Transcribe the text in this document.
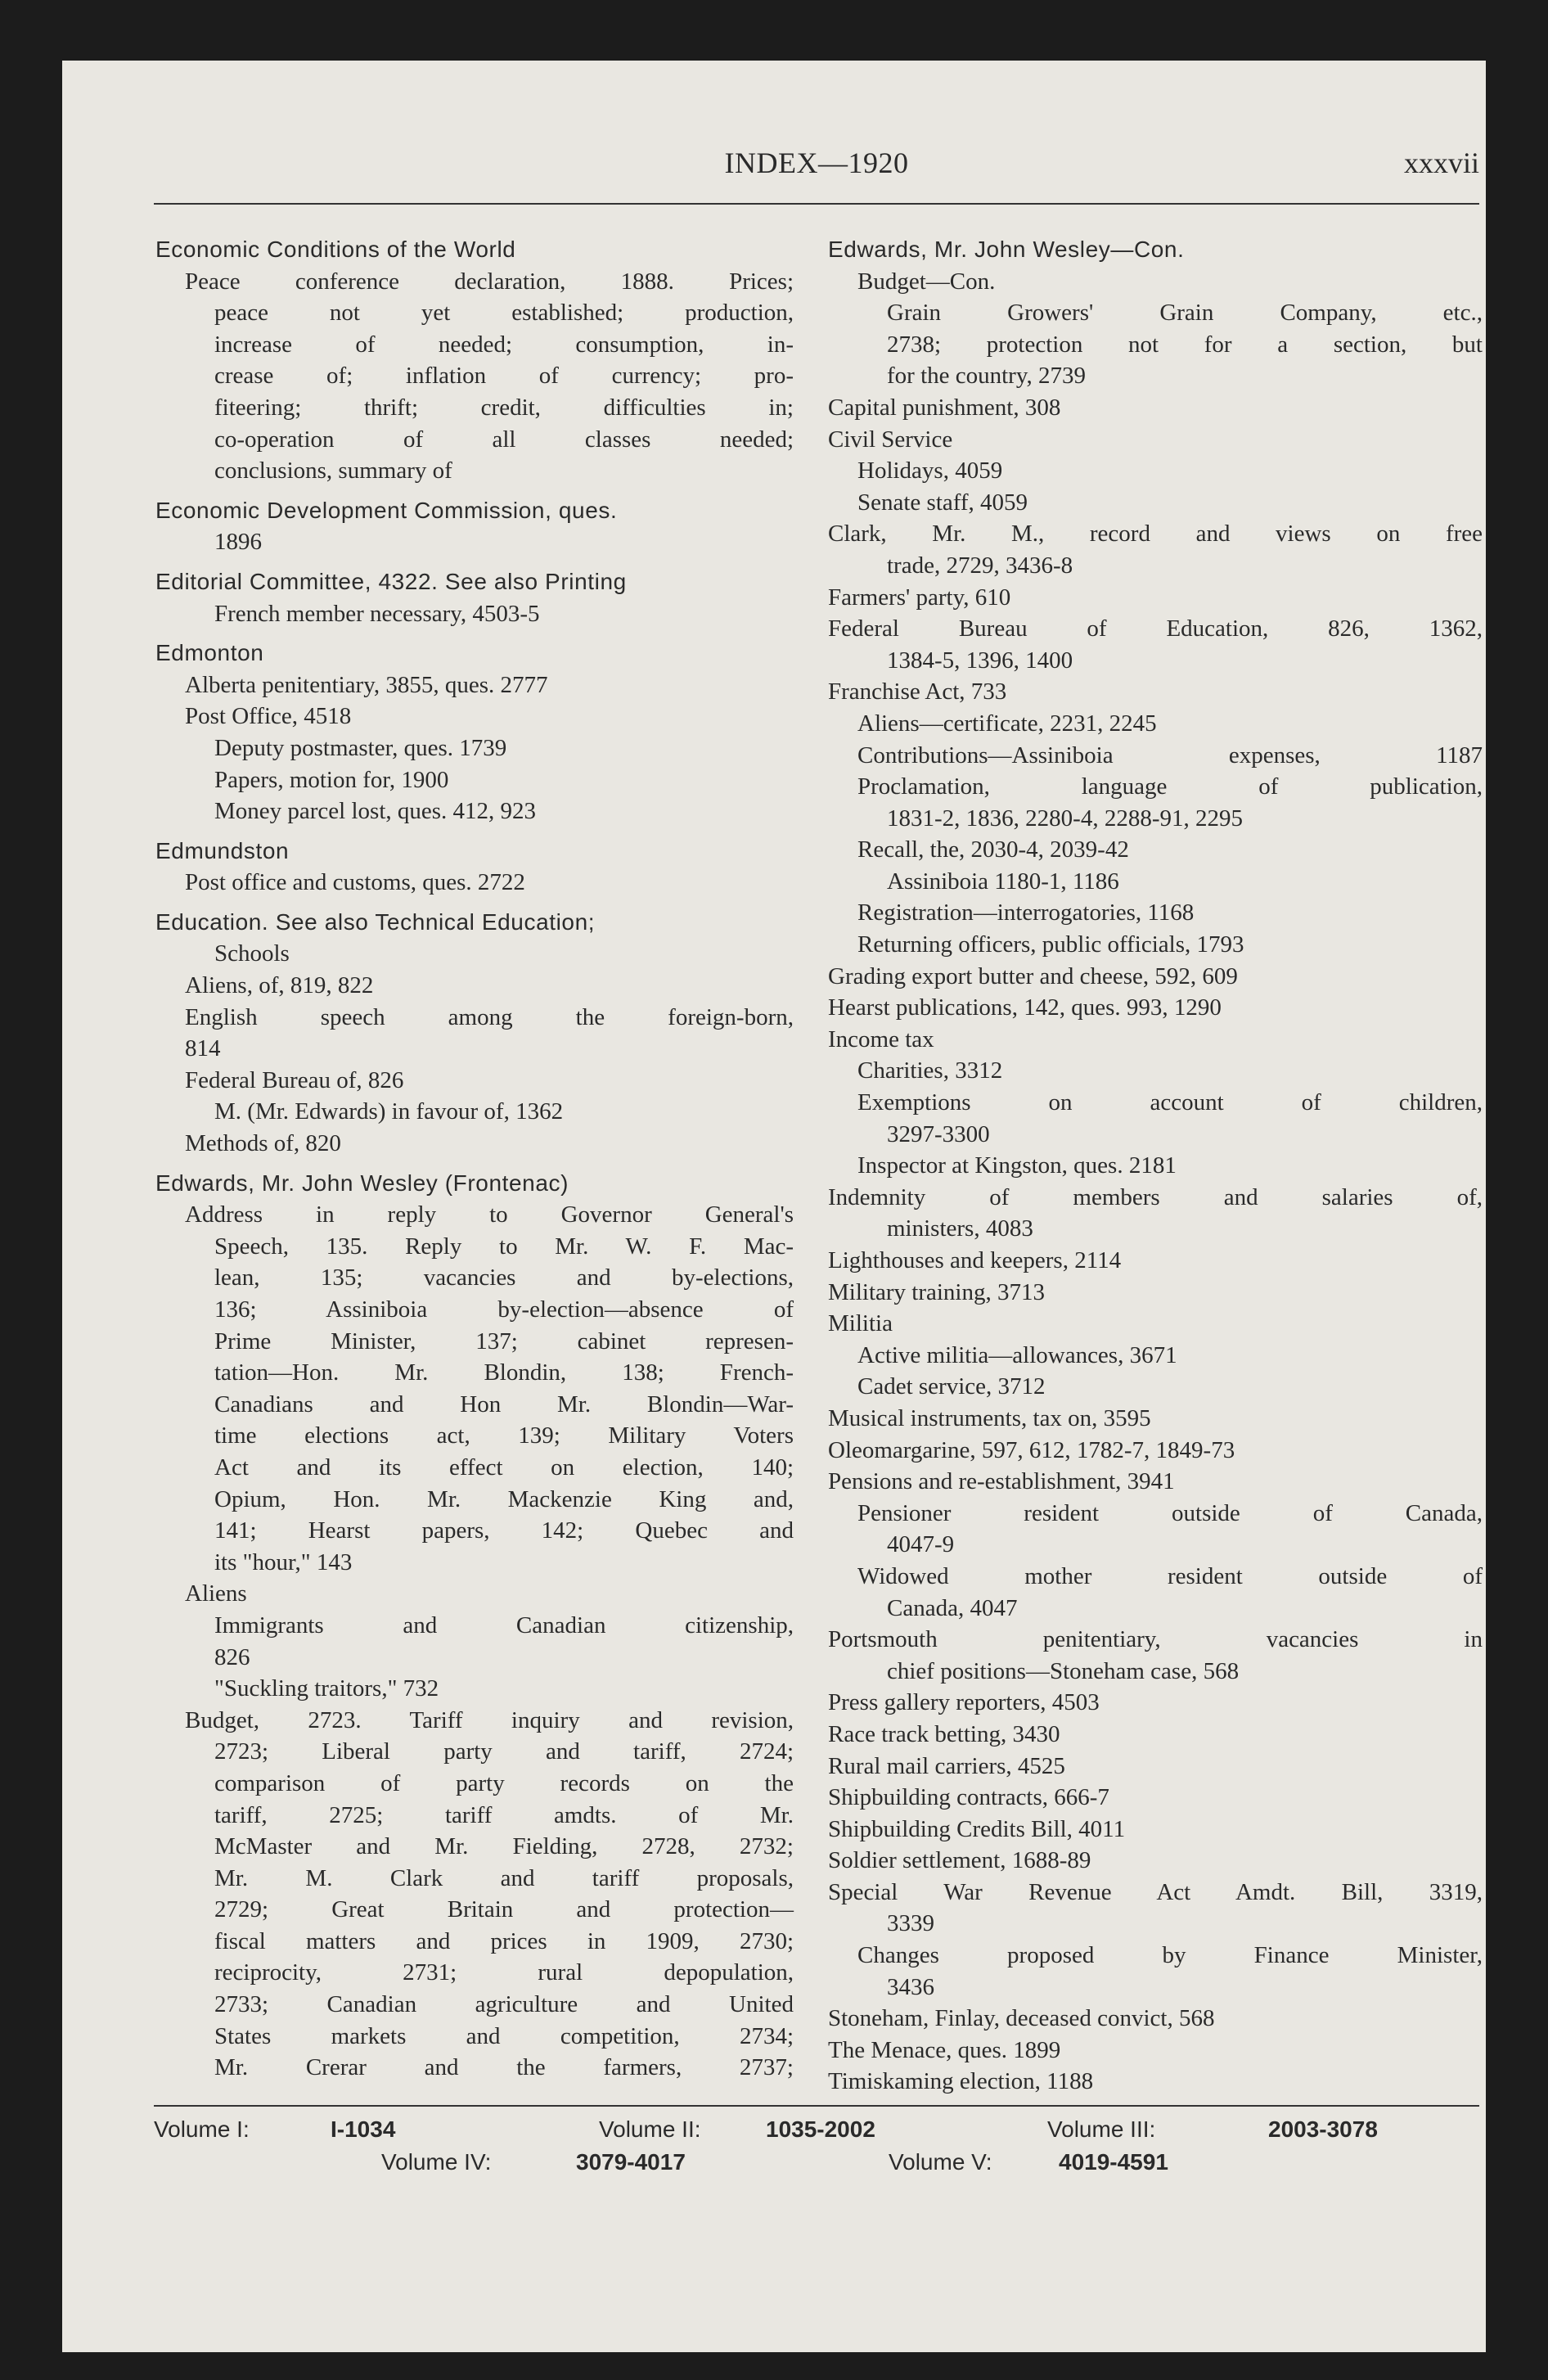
INDEX—1920	xxxvii
Economic Conditions of the World
Peace conference declaration, 1888. Prices;
peace not yet established; production,
increase of needed; consumption, in-
crease of; inflation of currency; pro-
fiteering; thrift; credit, difficulties in;
co-operation of all classes needed;
conclusions, summary of
Economic Development Commission, ques.
1896
Editorial Committee, 4322. See also Printing
French member necessary, 4503-5
Edmonton
Alberta penitentiary, 3855, ques. 2777
Post Office, 4518
Deputy postmaster, ques. 1739
Papers, motion for, 1900
Money parcel lost, ques. 412, 923
Edmundston
Post office and customs, ques. 2722
Education. See also Technical Education;
Schools
Aliens, of, 819, 822
English speech among the foreign-born,
814
Federal Bureau of, 826
M. (Mr. Edwards) in favour of, 1362
Methods of, 820
Edwards, Mr. John Wesley (Frontenac)
Address in reply to Governor General's
Speech, 135. Reply to Mr. W. F. Mac-
lean, 135; vacancies and by-elections,
136; Assiniboia by-election—absence of
Prime Minister, 137; cabinet represen-
tation—Hon. Mr. Blondin, 138; French-
Canadians and Hon Mr. Blondin—War-
time elections act, 139; Military Voters
Act and its effect on election, 140;
Opium, Hon. Mr. Mackenzie King and,
141; Hearst papers, 142; Quebec and
its "hour," 143
Aliens
Immigrants and Canadian citizenship,
826
"Suckling traitors," 732
Budget, 2723. Tariff inquiry and revision,
2723; Liberal party and tariff, 2724;
comparison of party records on the
tariff, 2725; tariff amdts. of Mr.
McMaster and Mr. Fielding, 2728, 2732;
Mr. M. Clark and tariff proposals,
2729; Great Britain and protection—
fiscal matters and prices in 1909, 2730;
reciprocity, 2731; rural depopulation,
2733; Canadian agriculture and United
States markets and competition, 2734;
Mr. Crerar and the farmers, 2737;
Edwards, Mr. John Wesley—Con.
Budget—Con.
Grain Growers' Grain Company, etc.,
2738; protection not for a section, but
for the country, 2739
Capital punishment, 308
Civil Service
Holidays, 4059
Senate staff, 4059
Clark, Mr. M., record and views on free
trade, 2729, 3436-8
Farmers' party, 610
Federal Bureau of Education, 826, 1362,
1384-5, 1396, 1400
Franchise Act, 733
Aliens—certificate, 2231, 2245
Contributions—Assiniboia expenses, 1187
Proclamation, language of publication,
1831-2, 1836, 2280-4, 2288-91, 2295
Recall, the, 2030-4, 2039-42
Assiniboia 1180-1, 1186
Registration—interrogatories, 1168
Returning officers, public officials, 1793
Grading export butter and cheese, 592, 609
Hearst publications, 142, ques. 993, 1290
Income tax
Charities, 3312
Exemptions on account of children,
3297-3300
Inspector at Kingston, ques. 2181
Indemnity of members and salaries of,
ministers, 4083
Lighthouses and keepers, 2114
Military training, 3713
Militia
Active militia—allowances, 3671
Cadet service, 3712
Musical instruments, tax on, 3595
Oleomargarine, 597, 612, 1782-7, 1849-73
Pensions and re-establishment, 3941
Pensioner resident outside of Canada,
4047-9
Widowed mother resident outside of
Canada, 4047
Portsmouth penitentiary, vacancies in
chief positions—Stoneham case, 568
Press gallery reporters, 4503
Race track betting, 3430
Rural mail carriers, 4525
Shipbuilding contracts, 666-7
Shipbuilding Credits Bill, 4011
Soldier settlement, 1688-89
Special War Revenue Act Amdt. Bill, 3319,
3339
Changes proposed by Finance Minister,
3436
Stoneham, Finlay, deceased convict, 568
The Menace, ques. 1899
Timiskaming election, 1188
Volume I:	I-1034	Volume II:	1035-2002	Volume III:	2003-3078
Volume IV:	3079-4017	Volume V:	4019-4591
